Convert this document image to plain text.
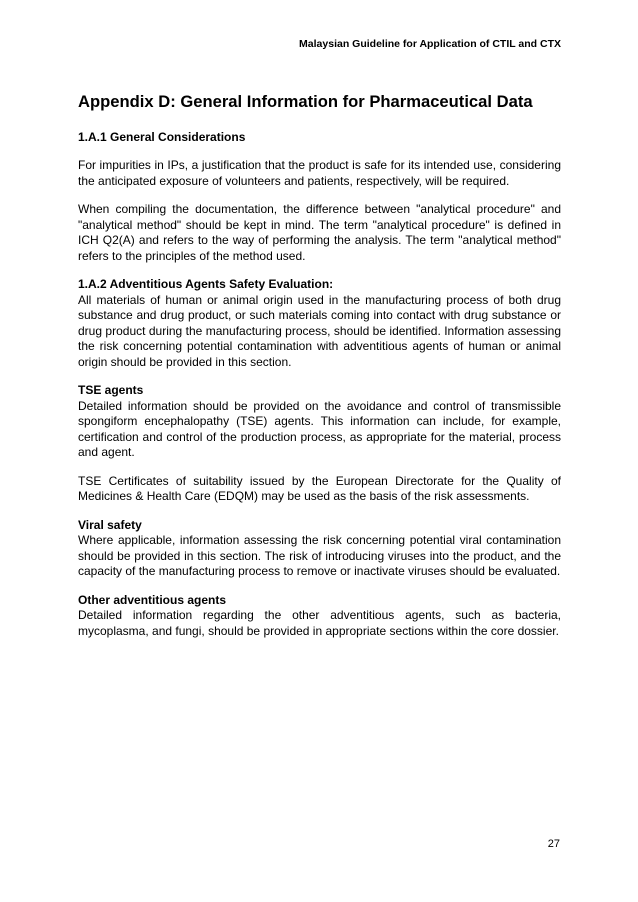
Malaysian Guideline for Application of CTIL and CTX
Appendix D: General Information for Pharmaceutical Data
1.A.1 General Considerations

For impurities in IPs, a justification that the product is safe for its intended use, considering the anticipated exposure of volunteers and patients, respectively, will be required.

When compiling the documentation, the difference between "analytical procedure" and "analytical method" should be kept in mind. The term "analytical procedure" is defined in ICH Q2(A) and refers to the way of performing the analysis. The term "analytical method" refers to the principles of the method used.

1.A.2 Adventitious Agents Safety Evaluation:
All materials of human or animal origin used in the manufacturing process of both drug substance and drug product, or such materials coming into contact with drug substance or drug product during the manufacturing process, should be identified. Information assessing the risk concerning potential contamination with adventitious agents of human or animal origin should be provided in this section.
TSE agents
Detailed information should be provided on the avoidance and control of transmissible spongiform encephalopathy (TSE) agents. This information can include, for example, certification and control of the production process, as appropriate for the material, process and agent.

TSE Certificates of suitability issued by the European Directorate for the Quality of Medicines & Health Care (EDQM) may be used as the basis of the risk assessments.

Viral safety
Where applicable, information assessing the risk concerning potential viral contamination should be provided in this section. The risk of introducing viruses into the product, and the capacity of the manufacturing process to remove or inactivate viruses should be evaluated.
Other adventitious agents
Detailed information regarding the other adventitious agents, such as bacteria, mycoplasma, and fungi, should be provided in appropriate sections within the core dossier.
27
